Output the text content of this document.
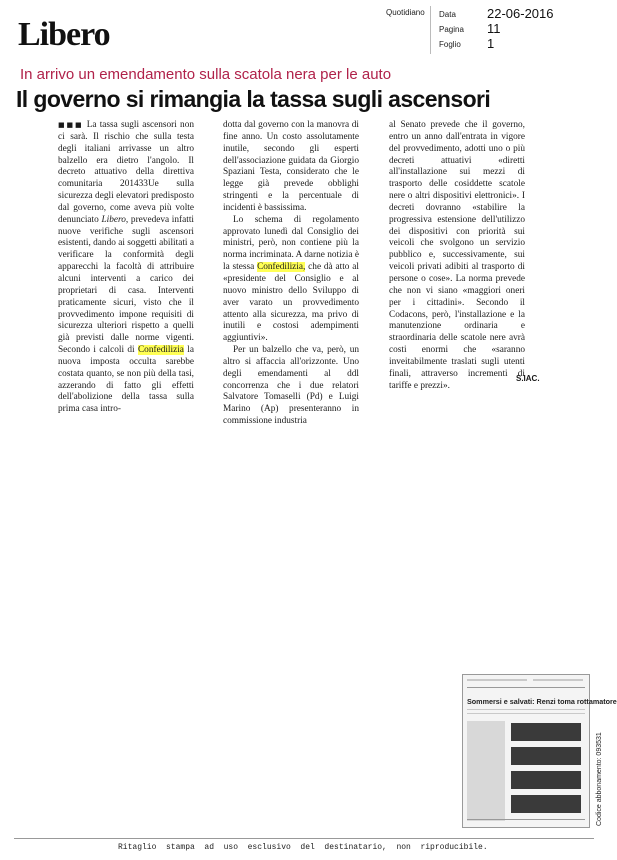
Libero
Quotidiano Data	22-06-2016
Pagina	11
Foglio	1
In arrivo un emendamento sulla scatola nera per le auto
Il governo si rimangia la tassa sugli ascensori

■■■ La tassa sugli ascensori non ci sarà. Il rischio che sulla testa degli italiani arrivasse un altro balzello era dietro l'angolo. Il decreto attuativo della direttiva comunitaria 201433Ue sulla sicurezza degli elevatori predisposto dal governo, come aveva più volte denunciato Libero, prevedeva infatti nuove verifiche sugli ascensori esistenti, dando ai soggetti abilitati a verificare la conformità degli apparecchi la facoltà di attribuire alcuni interventi a carico dei proprietari di casa. Interventi praticamente sicuri, visto che il provvedimento impone requisiti di sicurezza ulteriori rispetto a quelli già previsti dalle norme vigenti. Secondo i calcoli di Confedilizia la nuova imposta occulta sarebbe costata quanto, se non più della tasi, azzerando di fatto gli effetti dell'abolizione della tassa sulla prima casa intro-

dotta dal governo con la manovra di fine anno. Un costo assolutamente inutile, secondo gli esperti dell'associazione guidata da Giorgio Spaziani Testa, considerato che le legge già prevede obblighi stringenti e la percentuale di incidenti è bassissima.

Lo schema di regolamento approvato lunedì dal Consiglio dei ministri, però, non contiene più la norma incriminata. A darne notizia è la stessa Confedilizia, che dà atto al «presidente del Consiglio e al nuovo ministro dello Sviluppo di aver varato un provvedimento attento alla sicurezza, ma privo di inutili e costosi adempimenti aggiuntivi».

Per un balzello che va, però, un altro si affaccia all'orizzonte. Uno degli emendamenti al ddl concorrenza che i due relatori Salvatore Tomaselli (Pd) e Luigi Marino (Ap) presenteranno in commissione industria

al Senato prevede che il governo, entro un anno dall'entrata in vigore del provvedimento, adotti uno o più decreti attuativi «diretti all'installazione sui mezzi di trasporto delle cosiddette scatole nere o altri dispositivi elettronici». I decreti dovranno «stabilire la progressiva estensione dell'utilizzo dei dispositivi con priorità sui veicoli che svolgono un servizio pubblico e, successivamente, sui veicoli privati adibiti al trasporto di persone o cose». La norma prevede che non vi siano «maggiori oneri per i cittadini». Secondo il Codacons, però, l'installazione e la manutenzione ordinaria e straordinaria delle scatole nere avrà costi enormi che «saranno inveitabilmente traslati sugli utenti finali, attraverso incrementi di tariffe e prezzi».

S.IAC.
Sommersi e salvati: Renzi toma rottamatore
Codice abbonamento: 093531
Ritaglio  stampa  ad  uso  esclusivo  del  destinatario,  non  riproducibile.
